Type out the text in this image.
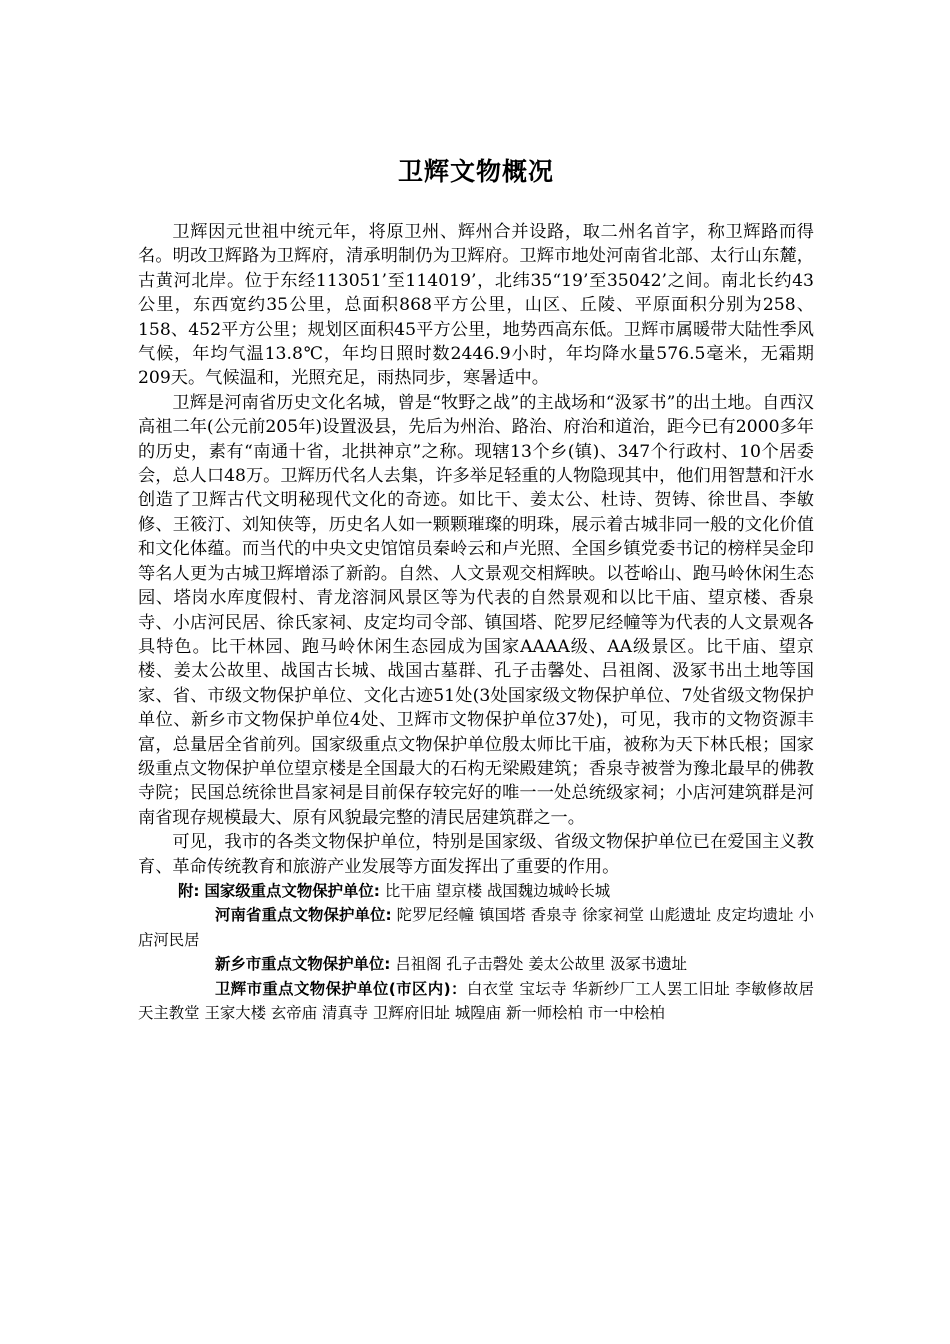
卫辉文物概况

卫辉因元世祖中统元年，将原卫州、辉州合并设路，取二州名首字，称卫辉路而得名。明改卫辉路为卫辉府，清承明制仍为卫辉府。卫辉市地处河南省北部、太行山东麓，古黄河北岸。位于东经113051’至114019’，北纬35“19’至35042’之间。南北长约43公里，东西宽约35公里，总面积868平方公里，山区、丘陵、平原面积分别为258、158、452平方公里；规划区面积45平方公里，地势西高东低。卫辉市属暖带大陆性季风气候，年均气温13.8℃，年均日照时数2446.9小时，年均降水量576.5毫米，无霜期209天。气候温和，光照充足，雨热同步，寒暑适中。

卫辉是河南省历史文化名城，曾是“牧野之战”的主战场和“汲冢书”的出土地。自西汉高祖二年(公元前205年)设置汲县，先后为州治、路治、府治和道治，距今已有2000多年的历史，素有“南通十省，北拱神京”之称。现辖13个乡(镇)、347个行政村、10个居委会，总人口48万。卫辉历代名人去集，许多举足轻重的人物隐现其中，他们用智慧和汗水创造了卫辉古代文明秘现代文化的奇迹。如比干、姜太公、杜诗、贺铸、徐世昌、李敏修、王筱汀、刘知侠等，历史名人如一颗颗璀璨的明珠，展示着古城非同一般的文化价值和文化体蕴。而当代的中央文史馆馆员秦岭云和卢光照、全国乡镇党委书记的榜样吴金印等名人更为古城卫辉增添了新韵。自然、人文景观交相辉映。以苍峪山、跑马岭休闲生态园、塔岗水库度假村、青龙溶洞风景区等为代表的自然景观和以比干庙、望京楼、香泉寺、小店河民居、徐氏家祠、皮定均司令部、镇国塔、陀罗尼经幢等为代表的人文景观各具特色。比干林园、跑马岭休闲生态园成为国家AAAA级、AA级景区。比干庙、望京楼、姜太公故里、战国古长城、战国古墓群、孔子击馨处、吕祖阁、汲冢书出土地等国家、省、市级文物保护单位、文化古迹51处(3处国家级文物保护单位、7处省级文物保护单位、新乡市文物保护单位4处、卫辉市文物保护单位37处)，可见，我市的文物资源丰富，总量居全省前列。国家级重点文物保护单位殷太师比干庙，被称为天下林氏根；国家级重点文物保护单位望京楼是全国最大的石构无梁殿建筑；香泉寺被誉为豫北最早的佛教寺院；民国总统徐世昌家祠是目前保存较完好的唯一一处总统级家祠；小店河建筑群是河南省现存规模最大、原有风貌最完整的清民居建筑群之一。

可见，我市的各类文物保护单位，特别是国家级、省级文物保护单位已在爱国主义教育、革命传统教育和旅游产业发展等方面发挥出了重要的作用。

附: 国家级重点文物保护单位: 比干庙 望京楼 战国魏边城岭长城

河南省重点文物保护单位: 陀罗尼经幢 镇国塔 香泉寺 徐家祠堂 山彪遗址 皮定均遗址 小店河民居

新乡市重点文物保护单位: 吕祖阁 孔子击磬处 姜太公故里 汲冢书遗址

卫辉市重点文物保护单位(市区内)：白衣堂 宝坛寺 华新纱厂工人罢工旧址 李敏修故居 天主教堂 王家大楼 玄帝庙 清真寺 卫辉府旧址 城隍庙 新一师桧柏 市一中桧柏
